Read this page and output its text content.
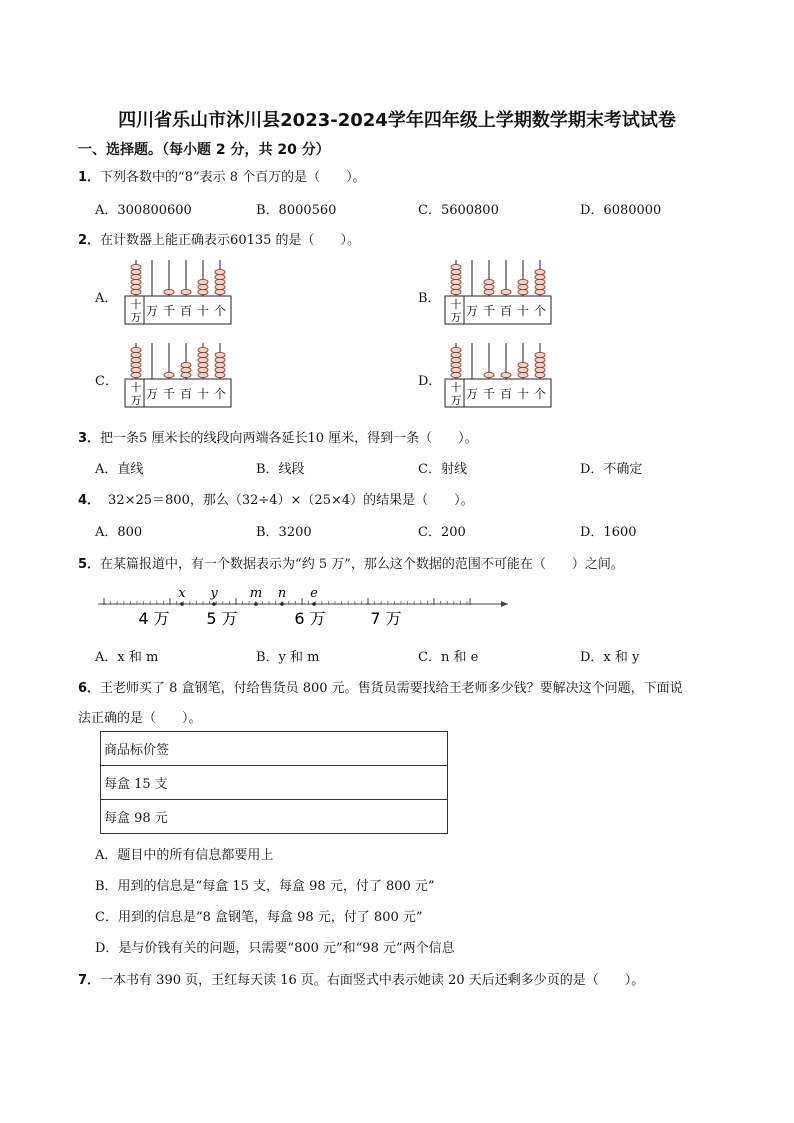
四川省乐山市沐川县2023-2024学年四年级上学期数学期末考试试卷
一、选择题。（每小题 2 分，共 20 分）
1．下列各数中的“8”表示 8 个百万的是（　　）。
A．300800600	B．8000560	C．5600800	D．6080000
2．在计数器上能正确表示60135 的是（　　）。
A．	B．
C．	D．
十
万 万 千 百 十 个	十
万 万 千 百 十 个
十
万 万 千 百 十 个	十
万 万 千 百 十 个
3．把一条5 厘米长的线段向两端各延长10 厘米，得到一条（　　）。
A．直线	B．线段	C．射线	D．不确定
4． 32×25＝800，那么（32÷4）×（25×4）的结果是（　　）。
A．800	B．3200	C．200	D．1600
5．在某篇报道中，有一个数据表示为“约 5 万”，那么这个数据的范围不可能在（　　）之间。
4 万 5 万	6 万	7 万
x y m n e
A．x 和 m	B．y 和 m	C．n 和 e	D．x 和 y
6．王老师买了 8 盒钢笔，付给售货员 800 元。售货员需要找给王老师多少钱？要解决这个问题，下面说
法正确的是（　　）。
商品标价签
每盒 15 支
每盒 98 元
A．题目中的所有信息都要用上
B．用到的信息是“每盒 15 支，每盒 98 元，付了 800 元”
C．用到的信息是“8 盒钢笔，每盒 98 元，付了 800 元”
D．是与价钱有关的问题，只需要“800 元”和“98 元”两个信息
7．一本书有 390 页，王红每天读 16 页。右面竖式中表示她读 20 天后还剩多少页的是（　　）。
